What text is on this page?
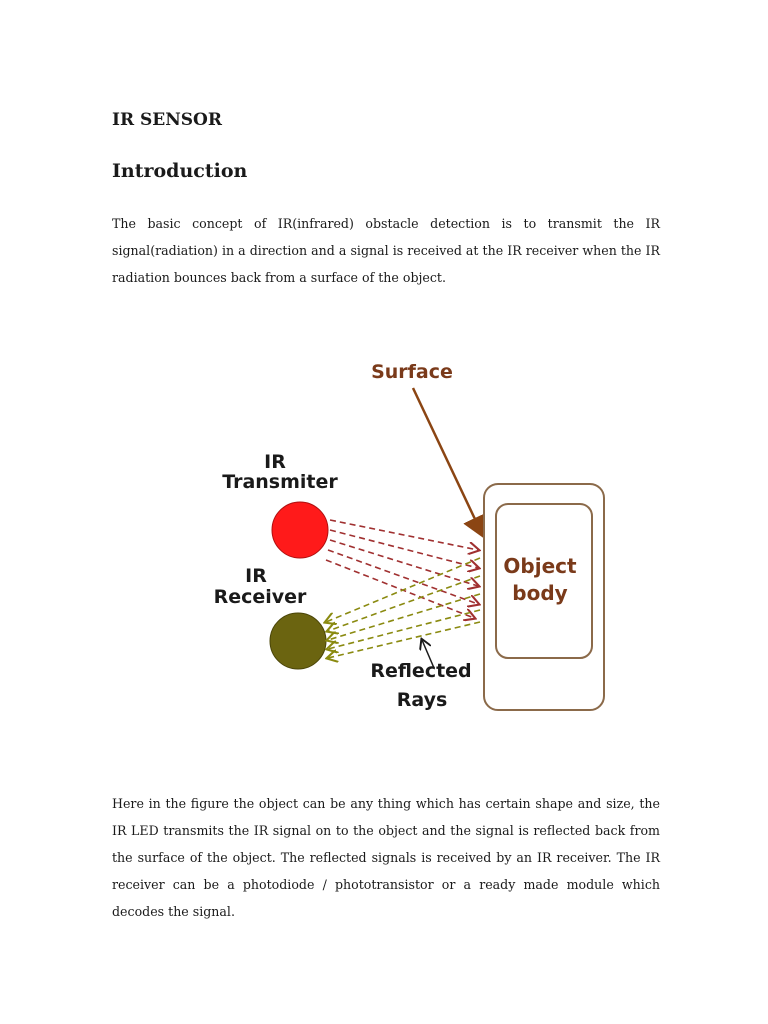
IR SENSOR
Introduction

The basic concept of IR(infrared) obstacle detection is to transmit the IR signal(radiation) in a direction and a signal is received at the IR receiver when the IR radiation bounces back from a surface of the object.

Surface
IR
Transmiter
IR
Receiver
Object
body
Reflected
Rays

Here in the figure the object can be any thing which has certain shape and size, the IR LED transmits the IR signal on to the object and the signal is reflected back from the surface of the object. The reflected signals is received by an IR receiver. The IR receiver can be a photodiode / phototransistor or a ready made module which decodes the signal.
